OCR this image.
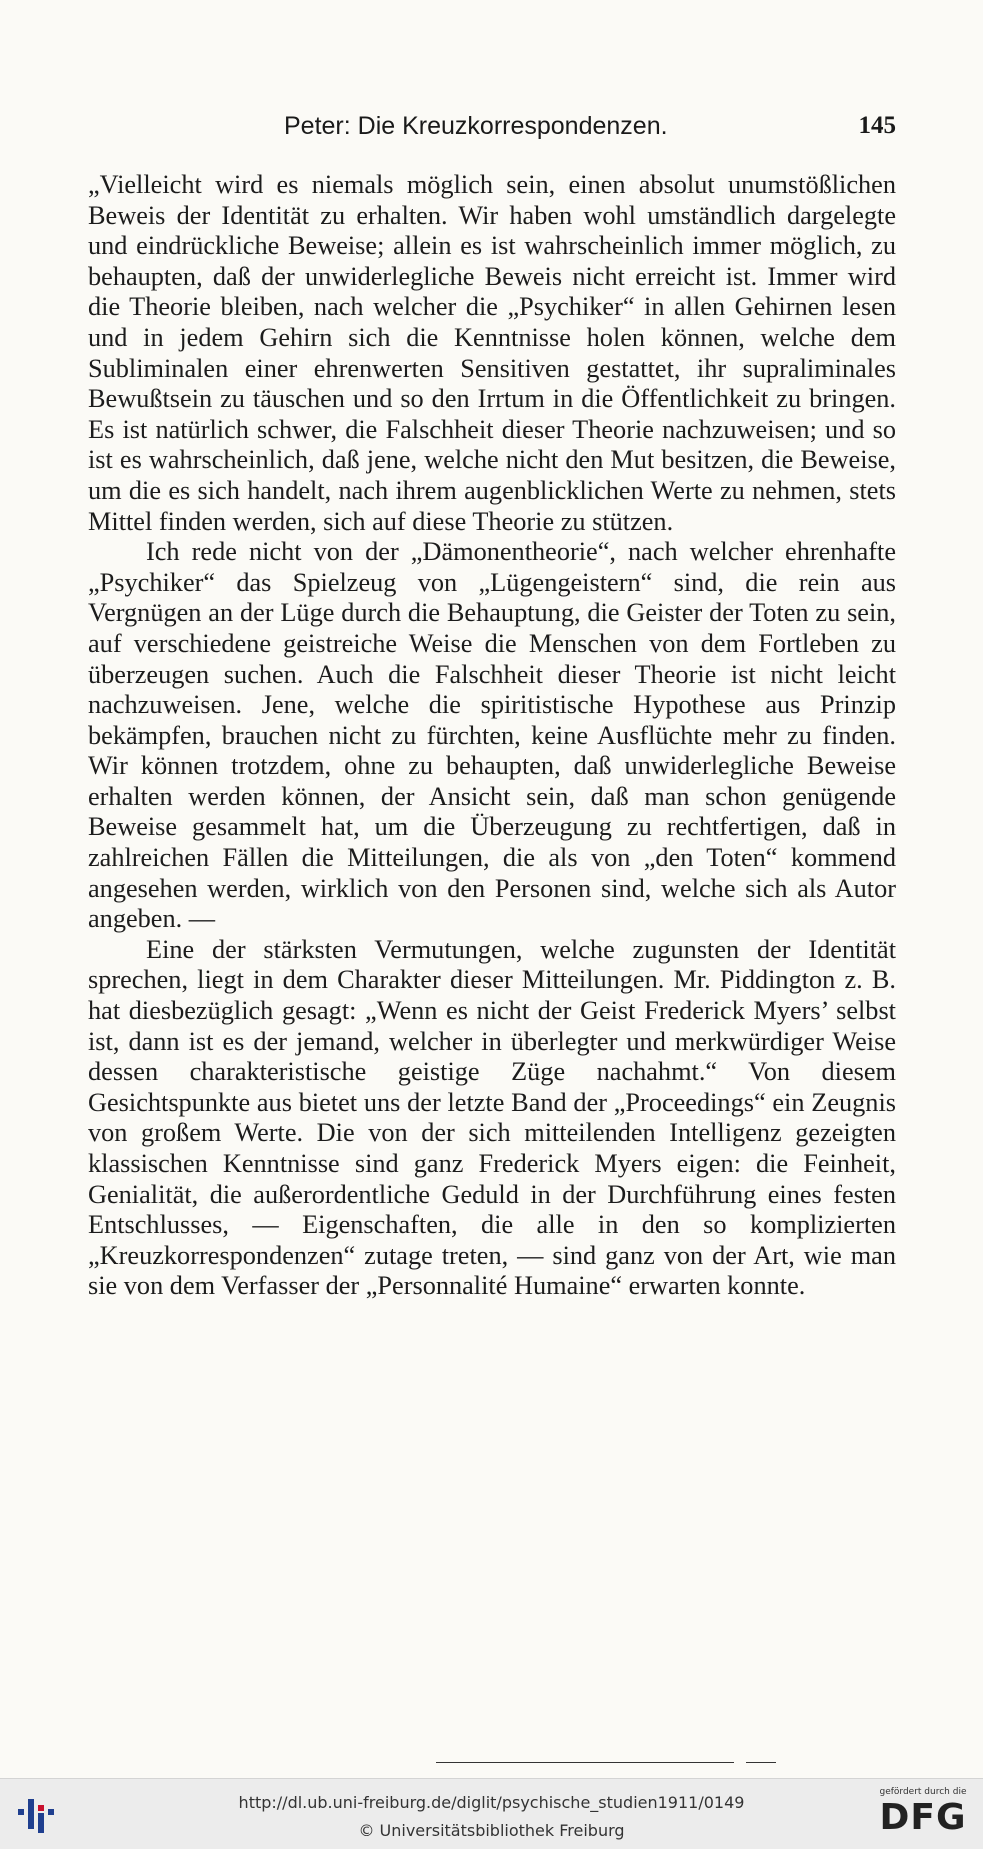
Peter: Die Kreuzkorrespondenzen.	145

„Vielleicht wird es niemals möglich sein, einen absolut unumstößlichen Beweis der Identität zu erhalten. Wir haben wohl umständlich dargelegte und eindrückliche Beweise; allein es ist wahrscheinlich immer möglich, zu behaupten, daß der unwiderlegliche Beweis nicht erreicht ist. Immer wird die Theorie bleiben, nach welcher die „Psychiker“ in allen Gehirnen lesen und in jedem Gehirn sich die Kenntnisse holen können, welche dem Subliminalen einer ehrenwerten Sensitiven gestattet, ihr supraliminales Bewußtsein zu täuschen und so den Irrtum in die Öffentlichkeit zu bringen. Es ist natürlich schwer, die Falschheit dieser Theorie nachzuweisen; und so ist es wahrscheinlich, daß jene, welche nicht den Mut besitzen, die Beweise, um die es sich handelt, nach ihrem augenblicklichen Werte zu nehmen, stets Mittel finden werden, sich auf diese Theorie zu stützen.

Ich rede nicht von der „Dämonentheorie“, nach welcher ehrenhafte „Psychiker“ das Spielzeug von „Lügengeistern“ sind, die rein aus Vergnügen an der Lüge durch die Behauptung, die Geister der Toten zu sein, auf verschiedene geistreiche Weise die Menschen von dem Fortleben zu überzeugen suchen. Auch die Falschheit dieser Theorie ist nicht leicht nachzuweisen. Jene, welche die spiritistische Hypothese aus Prinzip bekämpfen, brauchen nicht zu fürchten, keine Ausflüchte mehr zu finden. Wir können trotzdem, ohne zu behaupten, daß unwiderlegliche Beweise erhalten werden können, der Ansicht sein, daß man schon genügende Beweise gesammelt hat, um die Überzeugung zu rechtfertigen, daß in zahlreichen Fällen die Mitteilungen, die als von „den Toten“ kommend angesehen werden, wirklich von den Personen sind, welche sich als Autor angeben. —

Eine der stärksten Vermutungen, welche zugunsten der Identität sprechen, liegt in dem Charakter dieser Mitteilungen. Mr. Piddington z. B. hat diesbezüglich gesagt: „Wenn es nicht der Geist Frederick Myers’ selbst ist, dann ist es der jemand, welcher in überlegter und merkwürdiger Weise dessen charakteristische geistige Züge nachahmt.“ Von diesem Gesichtspunkte aus bietet uns der letzte Band der „Proceedings“ ein Zeugnis von großem Werte. Die von der sich mitteilenden Intelligenz gezeigten klassischen Kenntnisse sind ganz Frederick Myers eigen: die Feinheit, Genialität, die außerordentliche Geduld in der Durchführung eines festen Entschlusses, — Eigenschaften, die alle in den so komplizierten „Kreuzkorrespondenzen“ zutage treten, — sind ganz von der Art, wie man sie von dem Verfasser der „Personnalité Humaine“ erwarten konnte.

http://dl.ub.uni-freiburg.de/diglit/psychische_studien1911/0149
© Universitätsbibliothek Freiburg
gefördert durch die
DFG
